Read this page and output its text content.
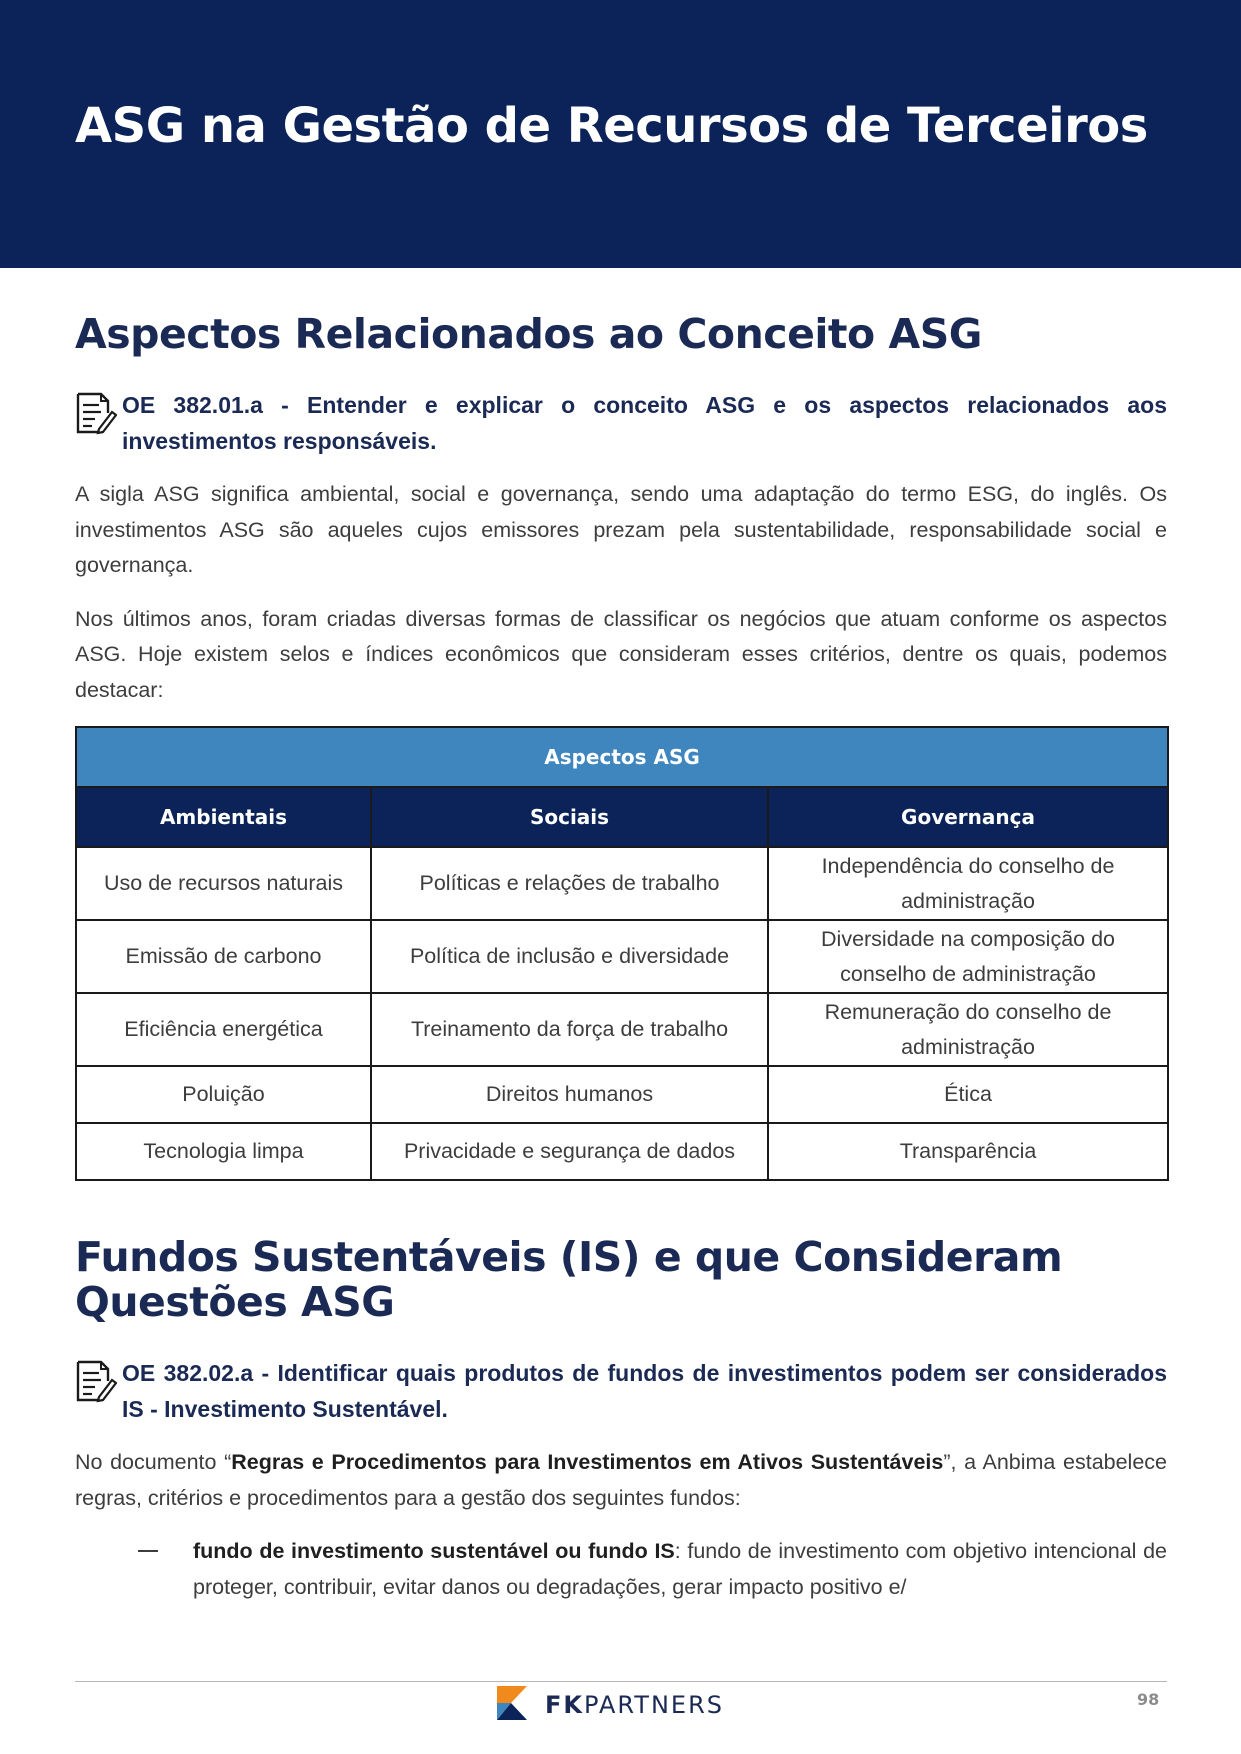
ASG na Gestão de Recursos de Terceiros
Aspectos Relacionados ao Conceito ASG

OE 382.01.a - Entender e explicar o conceito ASG e os aspectos relacionados aos investimentos responsáveis.

A sigla ASG significa ambiental, social e governança, sendo uma adaptação do termo ESG, do inglês. Os investimentos ASG são aqueles cujos emissores prezam pela sustentabilidade, responsabilidade social e governança.

Nos últimos anos, foram criadas diversas formas de classificar os negócios que atuam conforme os aspectos ASG. Hoje existem selos e índices econômicos que consideram esses critérios, dentre os quais, podemos destacar:

Aspectos ASG		
Ambientais	Sociais	Governança
Uso de recursos naturais	Políticas e relações de trabalho	Independência do conselho de administração
Emissão de carbono	Política de inclusão e diversidade	Diversidade na composição do conselho de administração
Eficiência energética	Treinamento da força de trabalho	Remuneração do conselho de administração
Poluição	Direitos humanos	Ética
Tecnologia limpa	Privacidade e segurança de dados	Transparência
Fundos Sustentáveis (IS) e que Consideram Questões ASG

OE 382.02.a - Identificar quais produtos de fundos de investimentos podem ser considerados IS - Investimento Sustentável.

No documento “Regras e Procedimentos para Investimentos em Ativos Sustentáveis”, a Anbima estabelece regras, critérios e procedimentos para a gestão dos seguintes fundos:

fundo de investimento sustentável ou fundo IS: fundo de investimento com objetivo intencional de proteger, contribuir, evitar danos ou degradações, gerar impacto positivo e/

FKPARTNERS	98
